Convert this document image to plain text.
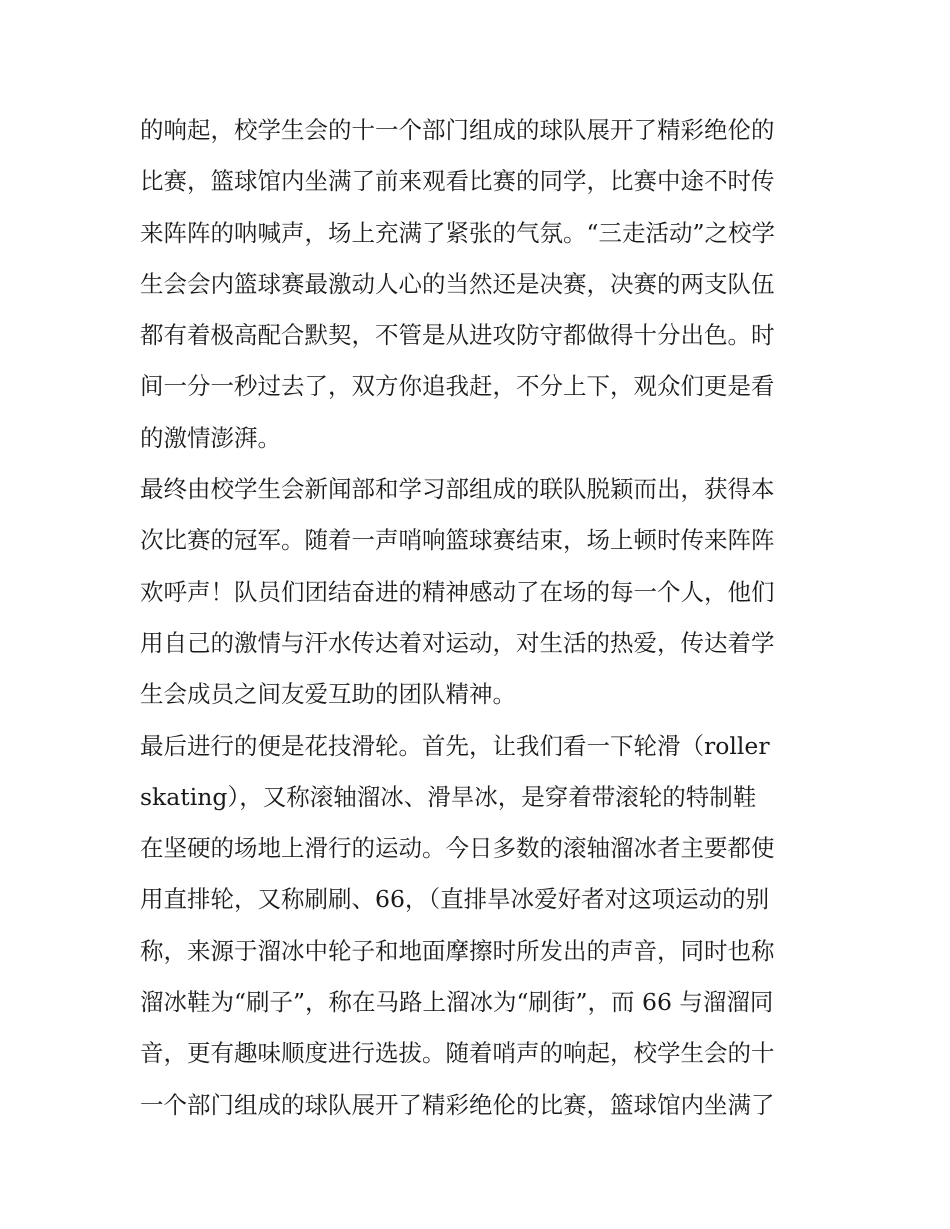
的响起，校学生会的十一个部门组成的球队展开了精彩绝伦的
比赛，篮球馆内坐满了前来观看比赛的同学，比赛中途不时传
来阵阵的呐喊声，场上充满了紧张的气氛。“三走活动”之校学
生会会内篮球赛最激动人心的当然还是决赛，决赛的两支队伍
都有着极高配合默契，不管是从进攻防守都做得十分出色。时
间一分一秒过去了，双方你追我赶，不分上下，观众们更是看
的激情澎湃。
最终由校学生会新闻部和学习部组成的联队脱颖而出，获得本
次比赛的冠军。随着一声哨响篮球赛结束，场上顿时传来阵阵
欢呼声！队员们团结奋进的精神感动了在场的每一个人，他们
用自己的激情与汗水传达着对运动，对生活的热爱，传达着学
生会成员之间友爱互助的团队精神。
最后进行的便是花技滑轮。首先，让我们看一下轮滑（roller
skating），又称滚轴溜冰、滑旱冰，是穿着带滚轮的特制鞋
在坚硬的场地上滑行的运动。今日多数的滚轴溜冰者主要都使
用直排轮，又称刷刷、66，（直排旱冰爱好者对这项运动的别
称，来源于溜冰中轮子和地面摩擦时所发出的声音，同时也称
溜冰鞋为“刷子”，称在马路上溜冰为“刷街”，而 66 与溜溜同
音，更有趣味顺度进行选拔。随着哨声的响起，校学生会的十
一个部门组成的球队展开了精彩绝伦的比赛，篮球馆内坐满了
